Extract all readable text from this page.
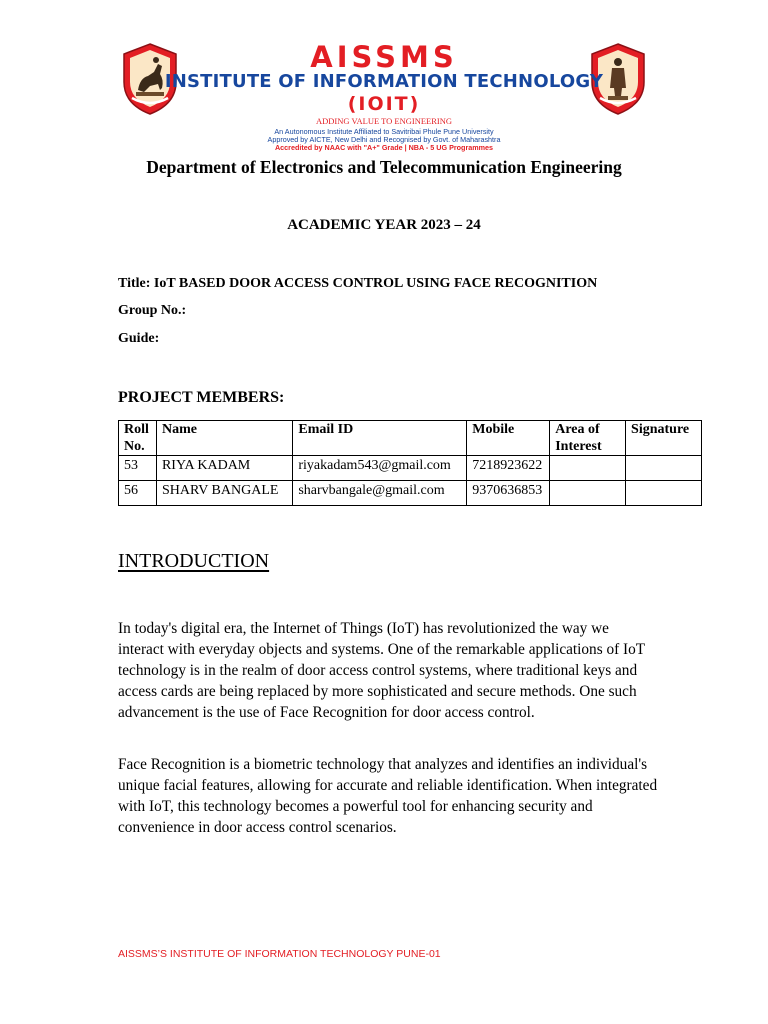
AISSMS
INSTITUTE OF INFORMATION TECHNOLOGY
(IOIT)
ADDING VALUE TO ENGINEERING
An Autonomous Institute Affiliated to Savitribai Phule Pune University
Approved by AICTE, New Delhi and Recognised by Govt. of Maharashtra
Accredited by NAAC with "A+" Grade | NBA - 5 UG Programmes
Department of Electronics and Telecommunication Engineering
ACADEMIC YEAR 2023 – 24
Title: IoT BASED DOOR ACCESS CONTROL USING FACE RECOGNITION
Group No.:
Guide:
PROJECT MEMBERS:
Roll No.	Name	Email ID	Mobile	Area of Interest	Signature
53	RIYA KADAM	riyakadam543@gmail.com	7218923622		
56	SHARV BANGALE	sharvbangale@gmail.com	9370636853		
INTRODUCTION

In today's digital era, the Internet of Things (IoT) has revolutionized the way we interact with everyday objects and systems. One of the remarkable applications of IoT technology is in the realm of door access control systems, where traditional keys and access cards are being replaced by more sophisticated and secure methods. One such advancement is the use of Face Recognition for door access control.

Face Recognition is a biometric technology that analyzes and identifies an individual's unique facial features, allowing for accurate and reliable identification. When integrated with IoT, this technology becomes a powerful tool for enhancing security and convenience in door access control scenarios.

AISSMS’S INSTITUTE OF INFORMATION TECHNOLOGY PUNE-01
